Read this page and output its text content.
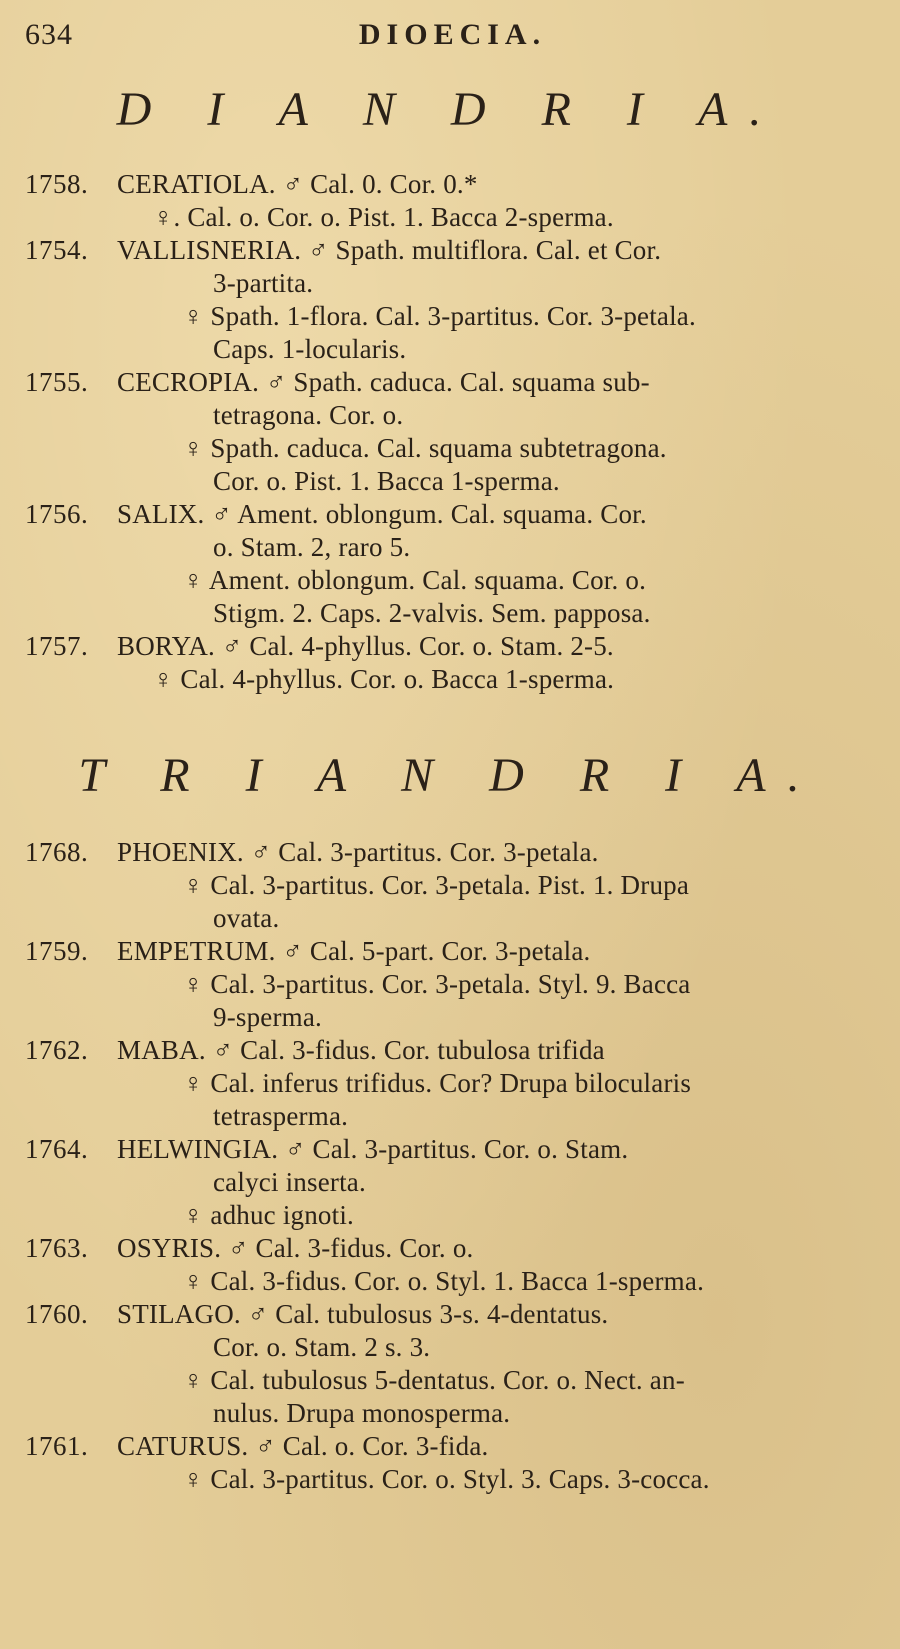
634	DIOECIA.
D I A N D R I A.
1758. CERATIOLA. ♂ Cal. 0. Cor. 0.*
♀. Cal. o. Cor. o. Pist. 1. Bacca 2-sperma.
1754. VALLISNERIA. ♂ Spath. multiflora. Cal. et Cor.
3-partita.
♀ Spath. 1-flora. Cal. 3-partitus. Cor. 3-petala.
Caps. 1-locularis.
1755. CECROPIA. ♂ Spath. caduca. Cal. squama sub-
tetragona. Cor. o.
♀ Spath. caduca. Cal. squama subtetragona.
Cor. o. Pist. 1. Bacca 1-sperma.
1756. SALIX. ♂ Ament. oblongum. Cal. squama. Cor.
o. Stam. 2, raro 5.
♀ Ament. oblongum. Cal. squama. Cor. o.
Stigm. 2. Caps. 2-valvis. Sem. papposa.
1757. BORYA. ♂ Cal. 4-phyllus. Cor. o. Stam. 2-5.
♀ Cal. 4-phyllus. Cor. o. Bacca 1-sperma.
T R I A N D R I A.
1768. PHOENIX. ♂ Cal. 3-partitus. Cor. 3-petala.
♀ Cal. 3-partitus. Cor. 3-petala. Pist. 1. Drupa
ovata.
1759. EMPETRUM. ♂ Cal. 5-part. Cor. 3-petala.
♀ Cal. 3-partitus. Cor. 3-petala. Styl. 9. Bacca
9-sperma.
1762. MABA. ♂ Cal. 3-fidus. Cor. tubulosa trifida
♀ Cal. inferus trifidus. Cor? Drupa bilocularis
tetrasperma.
1764. HELWINGIA. ♂ Cal. 3-partitus. Cor. o. Stam.
calyci inserta.
♀ adhuc ignoti.
1763. OSYRIS. ♂ Cal. 3-fidus. Cor. o.
♀ Cal. 3-fidus. Cor. o. Styl. 1. Bacca 1-sperma.
1760. STILAGO. ♂ Cal. tubulosus 3-s. 4-dentatus.
Cor. o. Stam. 2 s. 3.
♀ Cal. tubulosus 5-dentatus. Cor. o. Nect. an-
nulus. Drupa monosperma.
1761. CATURUS. ♂ Cal. o. Cor. 3-fida.
♀ Cal. 3-partitus. Cor. o. Styl. 3. Caps. 3-cocca.
